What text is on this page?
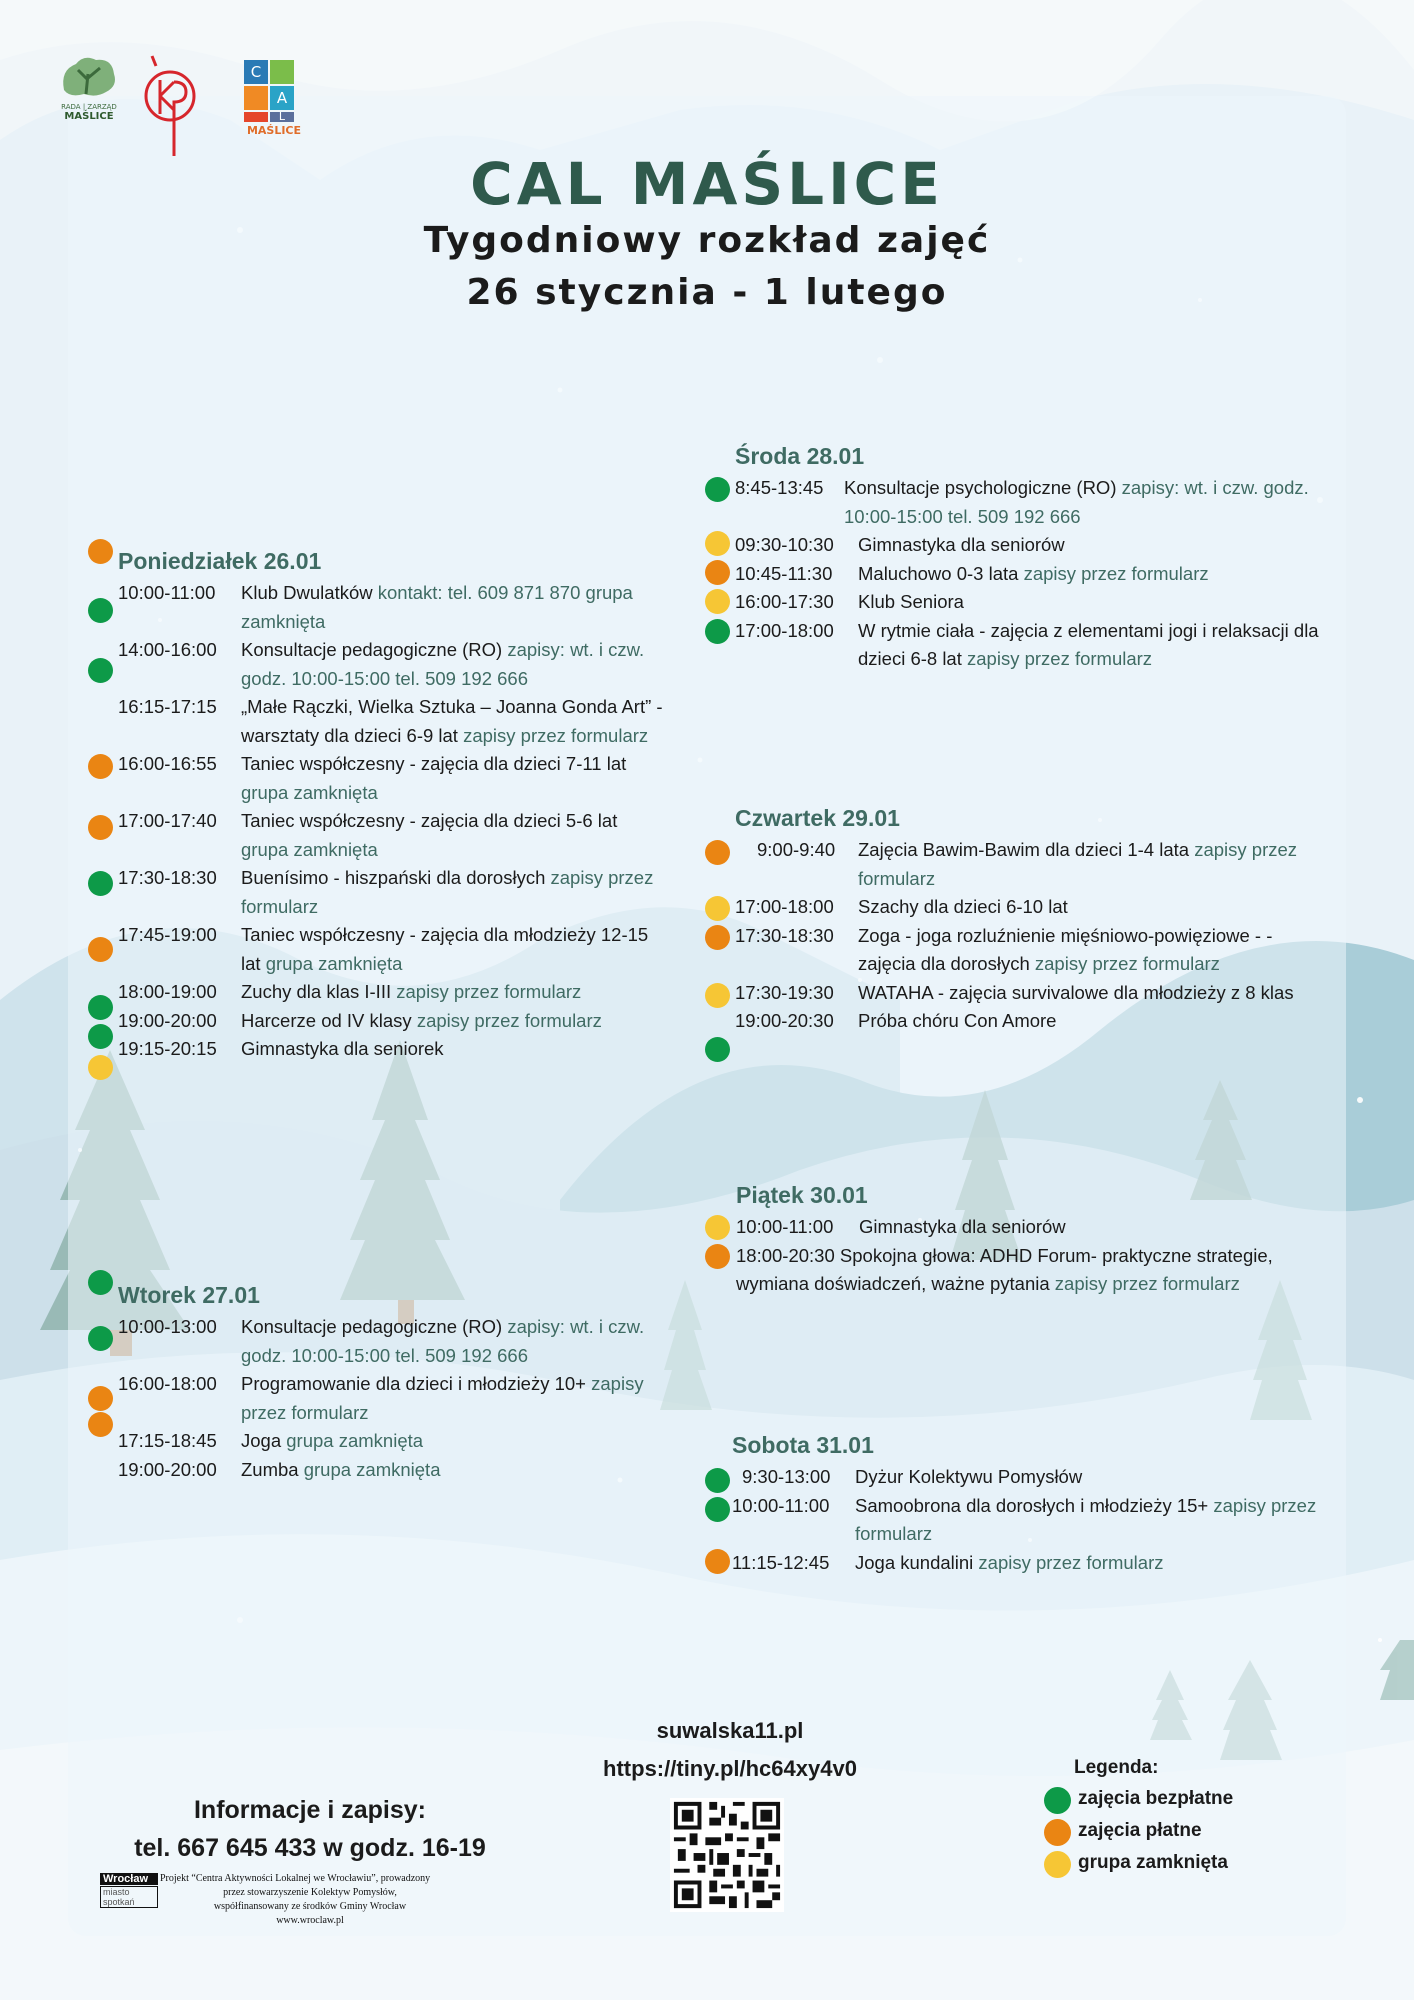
RADA | ZARZĄD
MAŚLICE
C
A
L
MAŚLICE
CAL MAŚLICE

Tygodniowy rozkład zajęć

26 stycznia - 1 lutego

Poniedziałek 26.01
10:00-11:00 Klub Dwulatków kontakt: tel. 609 871 870 grupa zamknięta
14:00-16:00 Konsultacje pedagogiczne (RO) zapisy: wt. i czw. godz. 10:00-15:00 tel. 509 192 666
16:15-17:15 „Małe Rączki, Wielka Sztuka – Joanna Gonda Art” - warsztaty dla dzieci 6-9 lat zapisy przez formularz
16:00-16:55 Taniec współczesny - zajęcia dla dzieci 7-11 lat grupa zamknięta
17:00-17:40 Taniec współczesny - zajęcia dla dzieci 5-6 lat grupa zamknięta
17:30-18:30 Buenísimo - hiszpański dla dorosłych zapisy przez formularz
17:45-19:00 Taniec współczesny - zajęcia dla młodzieży 12-15 lat grupa zamknięta
18:00-19:00 Zuchy dla klas I-III zapisy przez formularz
19:00-20:00 Harcerze od IV klasy zapisy przez formularz
19:15-20:15 Gimnastyka dla seniorek
Wtorek 27.01
10:00-13:00 Konsultacje pedagogiczne (RO) zapisy: wt. i czw. godz. 10:00-15:00 tel. 509 192 666
16:00-18:00 Programowanie dla dzieci i młodzieży 10+ zapisy przez formularz
17:15-18:45 Joga grupa zamknięta
19:00-20:00 Zumba grupa zamknięta
Środa 28.01
8:45-13:45 Konsultacje psychologiczne (RO) zapisy: wt. i czw. godz. 10:00-15:00 tel. 509 192 666
09:30-10:30 Gimnastyka dla seniorów
10:45-11:30 Maluchowo 0-3 lata zapisy przez formularz
16:00-17:30 Klub Seniora
17:00-18:00 W rytmie ciała - zajęcia z elementami jogi i relaksacji dla dzieci 6-8 lat zapisy przez formularz
Czwartek 29.01
9:00-9:40 Zajęcia Bawim-Bawim dla dzieci 1-4 lata zapisy przez formularz
17:00-18:00 Szachy dla dzieci 6-10 lat
17:30-18:30 Zoga - joga rozluźnienie mięśniowo-powięziowe - - zajęcia dla dorosłych zapisy przez formularz
17:30-19:30 WATAHA - zajęcia survivalowe dla młodzieży z 8 klas
19:00-20:30 Próba chóru Con Amore
Piątek 30.01
10:00-11:00 Gimnastyka dla seniorów
18:00-20:30 Spokojna głowa: ADHD Forum- praktyczne strategie, wymiana doświadczeń, ważne pytania zapisy przez formularz
Sobota 31.01
9:30-13:00 Dyżur Kolektywu Pomysłów
10:00-11:00 Samoobrona dla dorosłych i młodzieży 15+ zapisy przez formularz
11:15-12:45 Joga kundalini zapisy przez formularz
suwalska11.pl
https://tiny.pl/hc64xy4v0
Informacje i zapisy:
tel. 667 645 433 w godz. 16-19
Wrocław
miasto spotkań
Projekt “Centra Aktywności Lokalnej we Wrocławiu”, prowadzony
przez stowarzyszenie Kolektyw Pomysłów,
współfinansowany ze środków Gminy Wrocław
www.wroclaw.pl
Legenda:
zajęcia bezpłatne
zajęcia płatne
grupa zamknięta
